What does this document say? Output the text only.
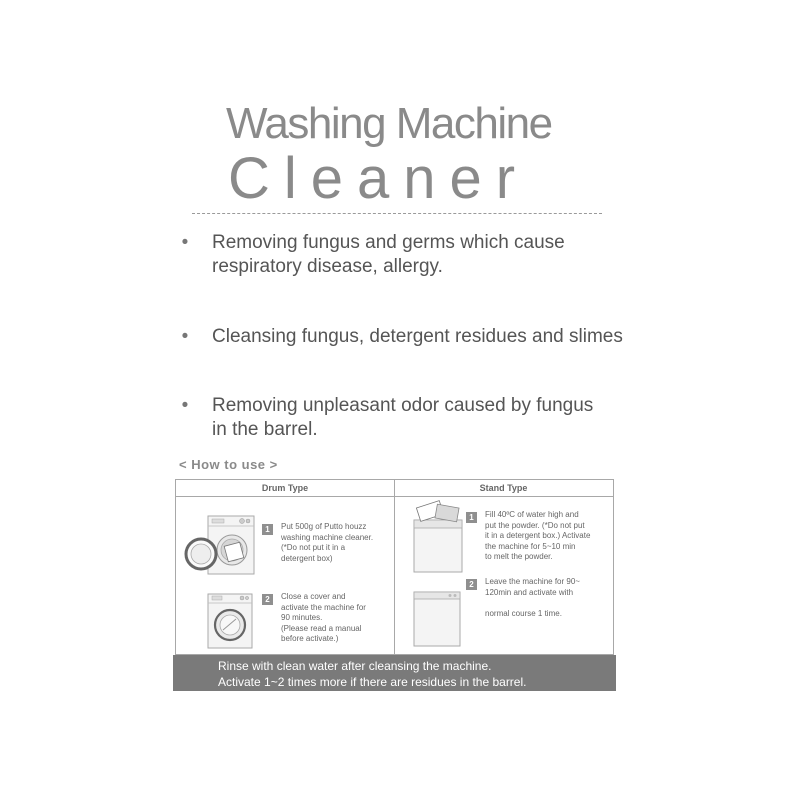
Washing Machine
Cleaner
• Removing fungus and germs which cause
respiratory disease, allergy.
• Cleansing fungus, detergent residues and slimes
• Removing unpleasant odor caused by fungus
in the barrel.
< How to use >
Drum Type	Stand Type
1	Put 500g of Putto houzz
washing machine cleaner.
(*Do not put it in a
detergent box)
2	Close a cover and
activate the machine for
90 minutes.
(Please read a manual
before activate.)
1	Fill 40ºC of water high and
put the powder. (*Do not put
it in a detergent box.) Activate
the machine for 5~10 min
to melt the powder.
2	Leave the machine for 90~
120min and activate with
normal course 1 time.
Rinse with clean water after cleansing the machine.
Activate 1~2 times more if there are residues in the barrel.
